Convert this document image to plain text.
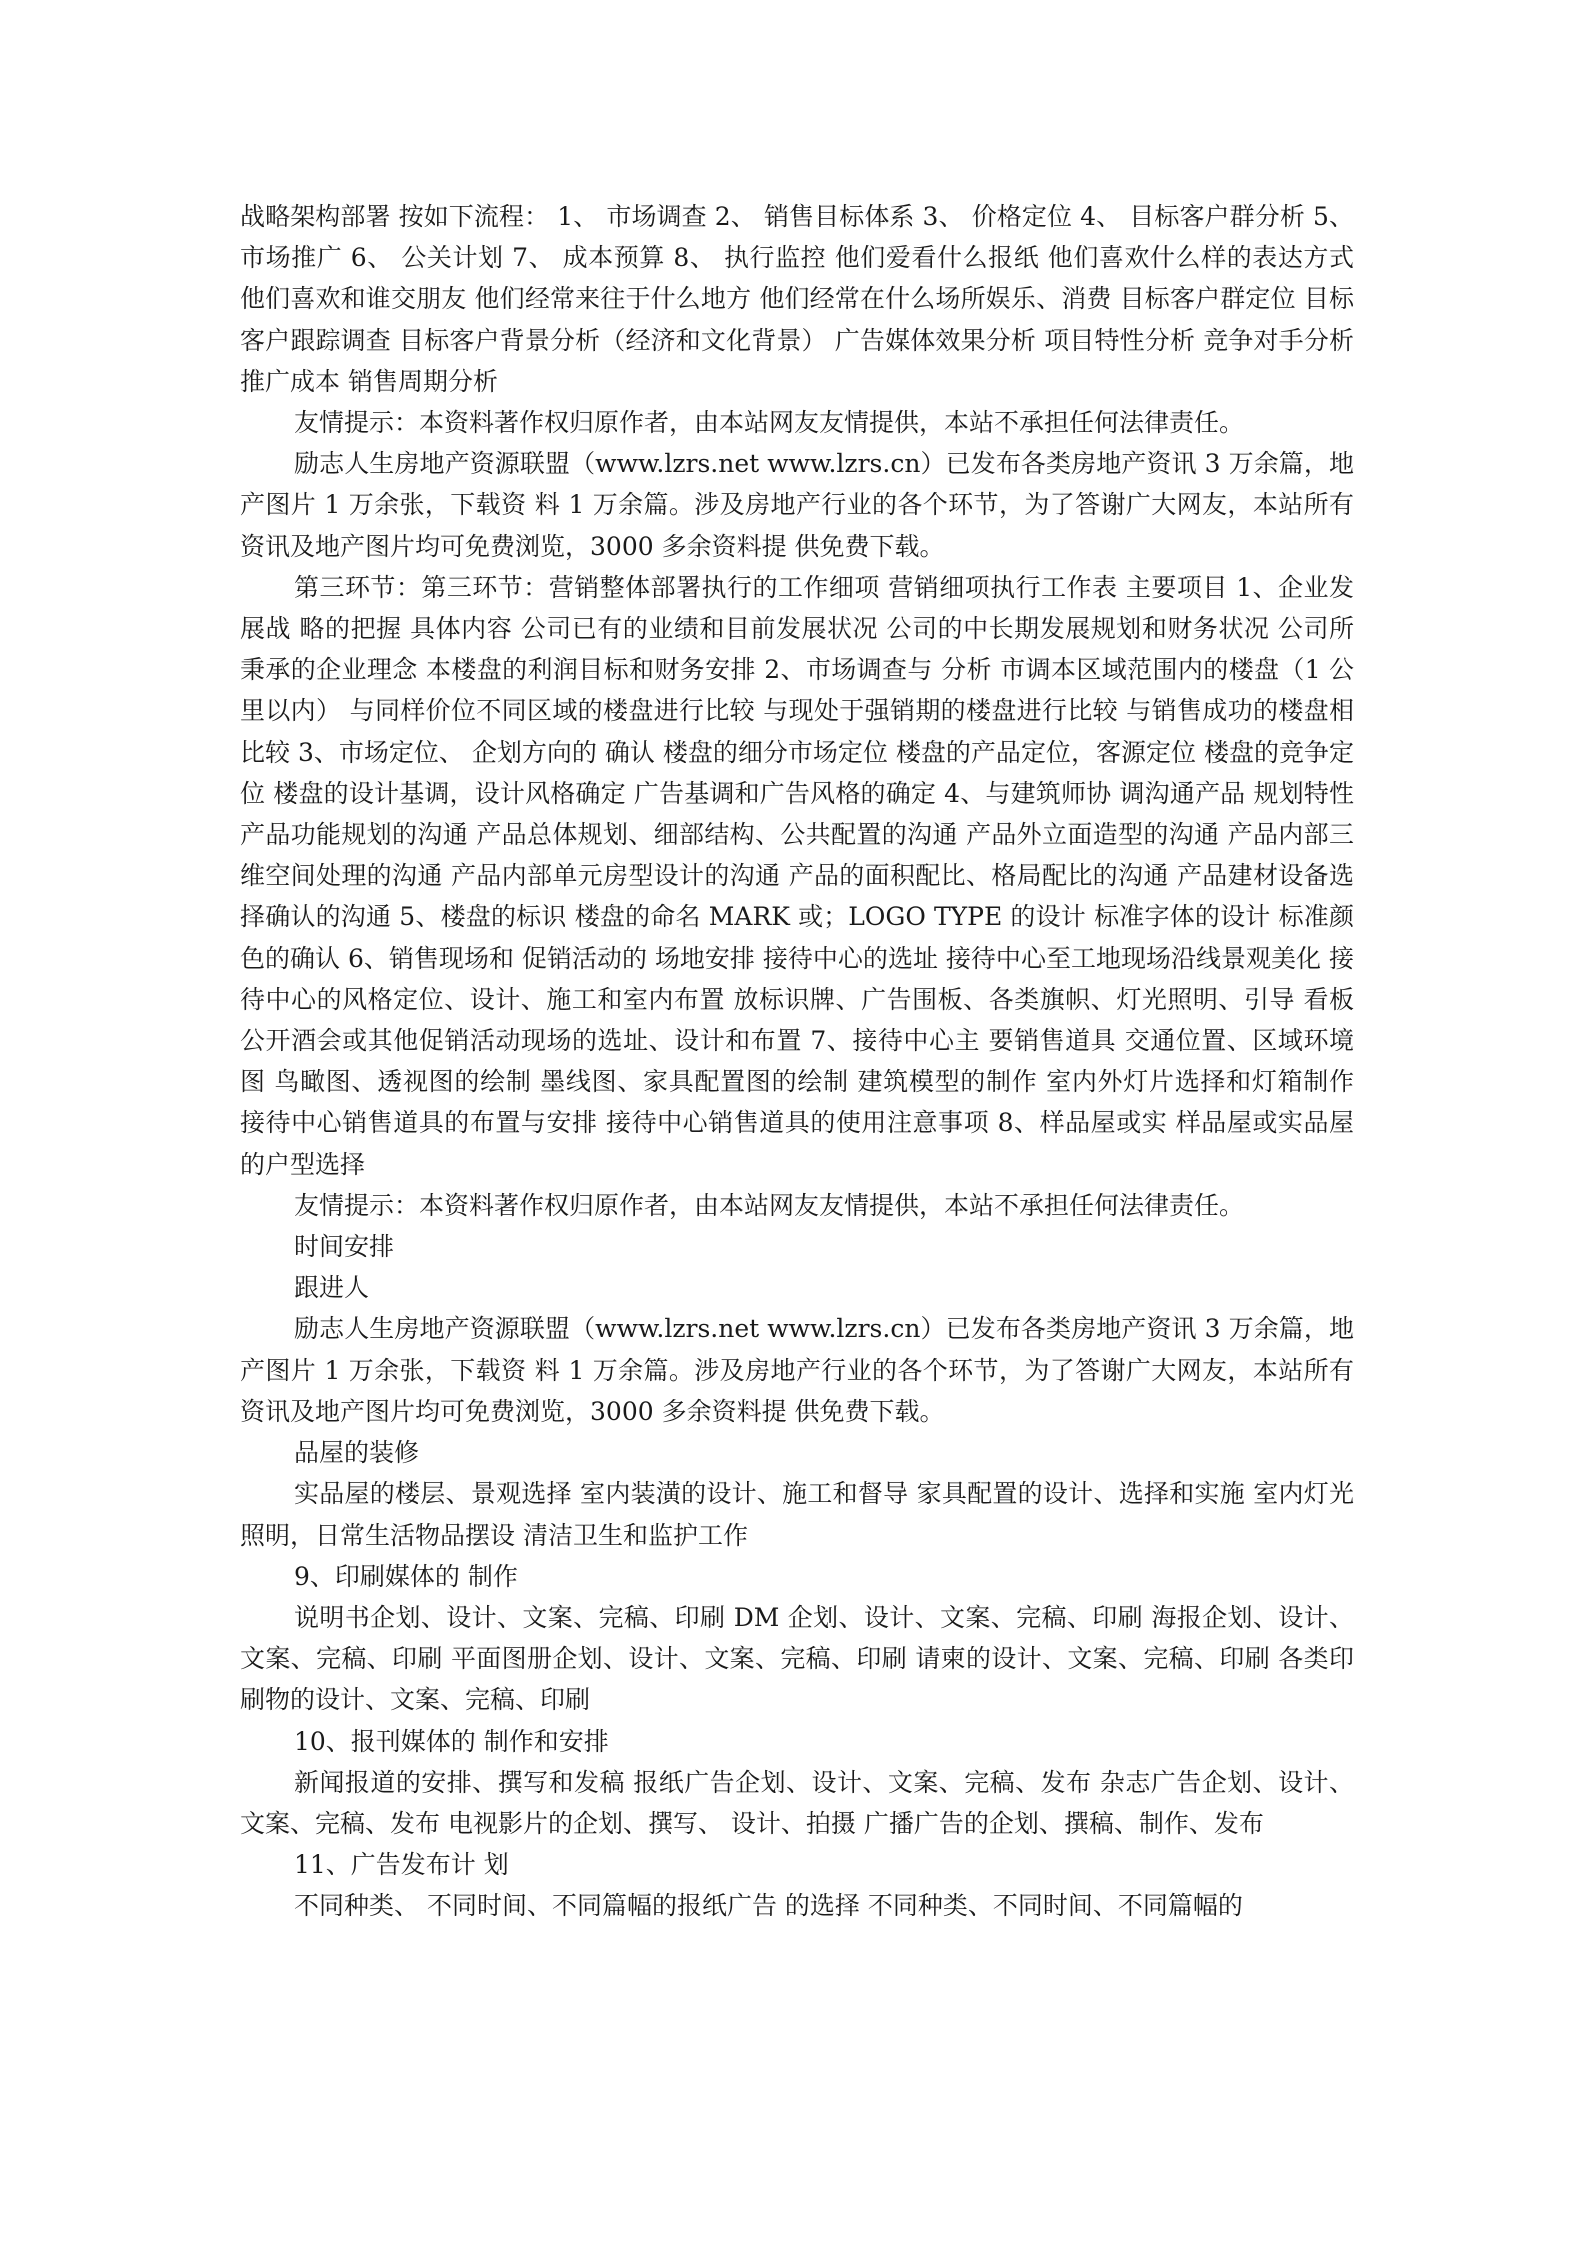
战略架构部署 按如下流程： 1、 市场调查 2、 销售目标体系 3、 价格定位 4、 目标客户群分析 5、 市场推广 6、 公关计划 7、 成本预算 8、 执行监控 他们爱看什么报纸 他们喜欢什么样的表达方式 他们喜欢和谁交朋友 他们经常来往于什么地方 他们经常在什么场所娱乐、消费 目标客户群定位 目标客户跟踪调查 目标客户背景分析（经济和文化背景） 广告媒体效果分析 项目特性分析 竞争对手分析 推广成本 销售周期分析

友情提示：本资料著作权归原作者，由本站网友友情提供，本站不承担任何法律责任。

励志人生房地产资源联盟（www.lzrs.net www.lzrs.cn）已发布各类房地产资讯 3 万余篇，地产图片 1 万余张，下载资 料 1 万余篇。涉及房地产行业的各个环节，为了答谢广大网友，本站所有资讯及地产图片均可免费浏览，3000 多余资料提 供免费下载。

第三环节：第三环节：营销整体部署执行的工作细项 营销细项执行工作表 主要项目 1、企业发展战 略的把握 具体内容 公司已有的业绩和目前发展状况 公司的中长期发展规划和财务状况 公司所秉承的企业理念 本楼盘的利润目标和财务安排 2、市场调查与 分析 市调本区域范围内的楼盘（1 公里以内） 与同样价位不同区域的楼盘进行比较 与现处于强销期的楼盘进行比较 与销售成功的楼盘相比较 3、市场定位、 企划方向的 确认 楼盘的细分市场定位 楼盘的产品定位，客源定位 楼盘的竞争定位 楼盘的设计基调，设计风格确定 广告基调和广告风格的确定 4、与建筑师协 调沟通产品 规划特性 产品功能规划的沟通 产品总体规划、细部结构、公共配置的沟通 产品外立面造型的沟通 产品内部三维空间处理的沟通 产品内部单元房型设计的沟通 产品的面积配比、格局配比的沟通 产品建材设备选择确认的沟通 5、楼盘的标识 楼盘的命名 MARK 或；LOGO TYPE 的设计 标准字体的设计 标准颜色的确认 6、销售现场和 促销活动的 场地安排 接待中心的选址 接待中心至工地现场沿线景观美化 接待中心的风格定位、设计、施工和室内布置 放标识牌、广告围板、各类旗帜、灯光照明、引导 看板 公开酒会或其他促销活动现场的选址、设计和布置 7、接待中心主 要销售道具 交通位置、区域环境图 鸟瞰图、透视图的绘制 墨线图、家具配置图的绘制 建筑模型的制作 室内外灯片选择和灯箱制作 接待中心销售道具的布置与安排 接待中心销售道具的使用注意事项 8、样品屋或实 样品屋或实品屋的户型选择

友情提示：本资料著作权归原作者，由本站网友友情提供，本站不承担任何法律责任。

时间安排

跟进人

励志人生房地产资源联盟（www.lzrs.net www.lzrs.cn）已发布各类房地产资讯 3 万余篇，地产图片 1 万余张，下载资 料 1 万余篇。涉及房地产行业的各个环节，为了答谢广大网友，本站所有资讯及地产图片均可免费浏览，3000 多余资料提 供免费下载。

品屋的装修

实品屋的楼层、景观选择 室内装潢的设计、施工和督导 家具配置的设计、选择和实施 室内灯光照明，日常生活物品摆设 清洁卫生和监护工作

9、印刷媒体的 制作

说明书企划、设计、文案、完稿、印刷 DM 企划、设计、文案、完稿、印刷 海报企划、设计、文案、完稿、印刷 平面图册企划、设计、文案、完稿、印刷 请柬的设计、文案、完稿、印刷 各类印刷物的设计、文案、完稿、印刷

10、报刊媒体的 制作和安排

新闻报道的安排、撰写和发稿 报纸广告企划、设计、文案、完稿、发布 杂志广告企划、设计、文案、完稿、发布 电视影片的企划、撰写、 设计、拍摄 广播广告的企划、撰稿、制作、发布

11、广告发布计 划

不同种类、 不同时间、不同篇幅的报纸广告 的选择 不同种类、不同时间、不同篇幅的
